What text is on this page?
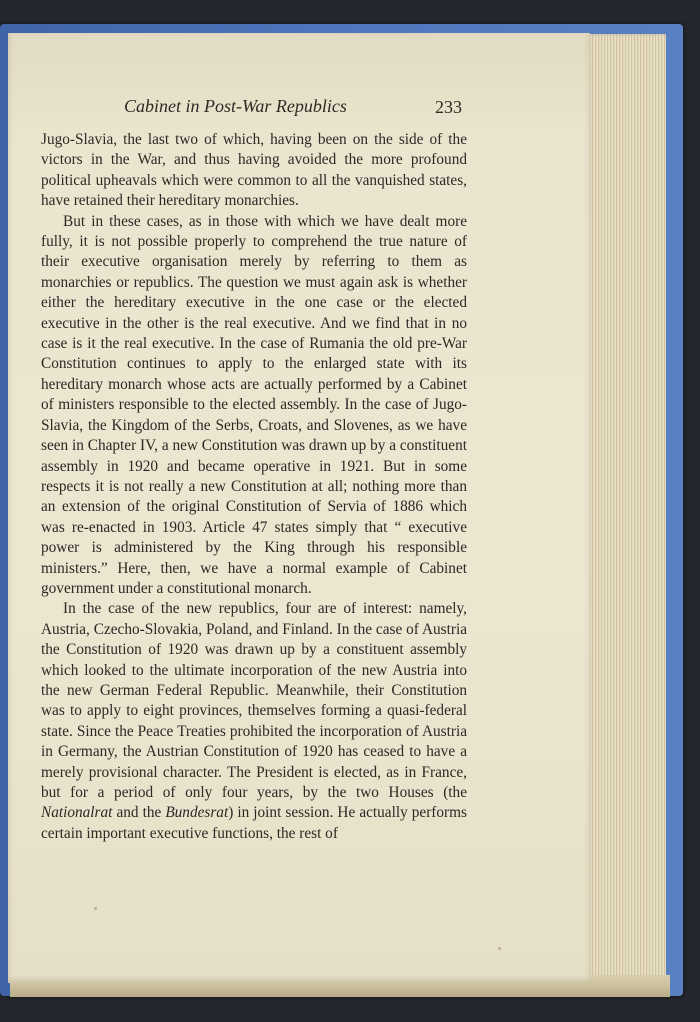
Cabinet in Post-War Republics	233

Jugo-Slavia, the last two of which, having been on the side of the victors in the War, and thus having avoided the more profound political upheavals which were common to all the vanquished states, have retained their hereditary monarchies.

But in these cases, as in those with which we have dealt more fully, it is not possible properly to comprehend the true nature of their executive organisation merely by referring to them as monarchies or republics. The question we must again ask is whether either the hereditary executive in the one case or the elected executive in the other is the real executive. And we find that in no case is it the real executive. In the case of Rumania the old pre-War Constitution continues to apply to the enlarged state with its hereditary monarch whose acts are actually performed by a Cabinet of ministers responsible to the elected assembly. In the case of Jugo-Slavia, the Kingdom of the Serbs, Croats, and Slovenes, as we have seen in Chapter IV, a new Constitution was drawn up by a constituent assembly in 1920 and became operative in 1921. But in some respects it is not really a new Constitution at all; nothing more than an extension of the original Constitution of Servia of 1886 which was re-enacted in 1903. Article 47 states simply that “ executive power is administered by the King through his responsible ministers.” Here, then, we have a normal example of Cabinet government under a constitutional monarch.

In the case of the new republics, four are of interest: namely, Austria, Czecho-Slovakia, Poland, and Finland. In the case of Austria the Constitution of 1920 was drawn up by a constituent assembly which looked to the ultimate incorporation of the new Austria into the new German Federal Republic. Meanwhile, their Constitution was to apply to eight provinces, themselves forming a quasi-federal state. Since the Peace Treaties prohibited the incorporation of Austria in Germany, the Austrian Constitution of 1920 has ceased to have a merely provisional character. The President is elected, as in France, but for a period of only four years, by the two Houses (the Nationalrat and the Bundesrat) in joint session. He actually performs certain important executive functions, the rest of
